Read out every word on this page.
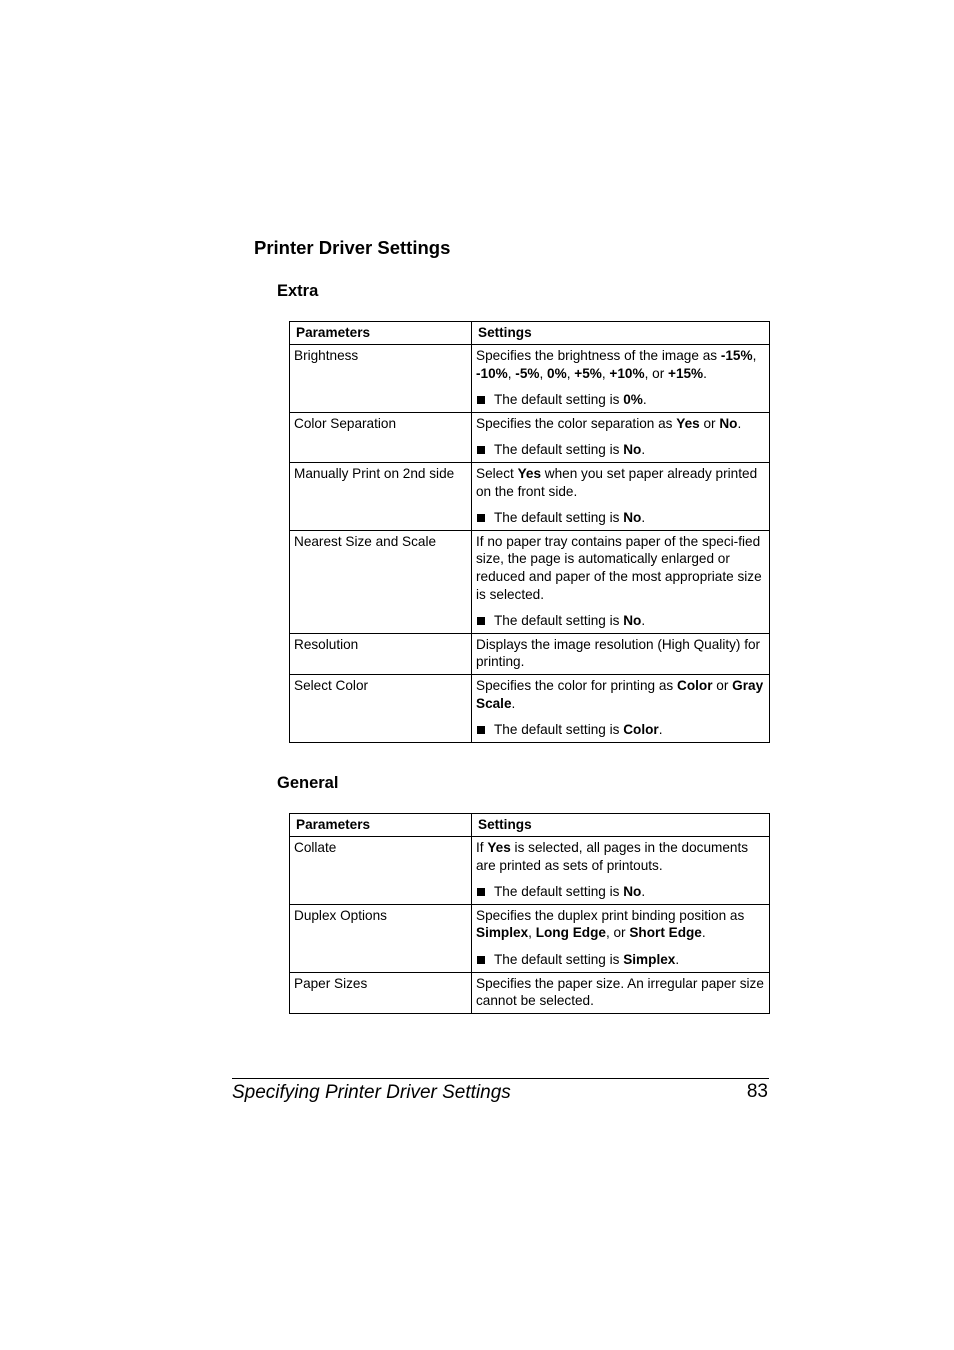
Printer Driver Settings
Extra
Parameters	Settings
Brightness	Specifies the brightness of the image as -15%, -10%, -5%, 0%, +5%, +10%, or +15%.
The default setting is 0%.

Color Separation	Specifies the color separation as Yes or No.
The default setting is No.

Manually Print on 2nd side	Select Yes when you set paper already printed on the front side.
The default setting is No.

Nearest Size and Scale	If no paper tray contains paper of the speci-fied size, the page is automatically enlarged or reduced and paper of the most appropriate size is selected.
The default setting is No.

Resolution	Displays the image resolution (High Quality) for printing.

Select Color	Specifies the color for printing as Color or Gray Scale.
The default setting is Color.
General
Parameters	Settings
Collate	If Yes is selected, all pages in the documents are printed as sets of printouts.
The default setting is No.

Duplex Options	Specifies the duplex print binding position as Simplex, Long Edge, or Short Edge.
The default setting is Simplex.

Paper Sizes	Specifies the paper size. An irregular paper size cannot be selected.
Specifying Printer Driver Settings	83
